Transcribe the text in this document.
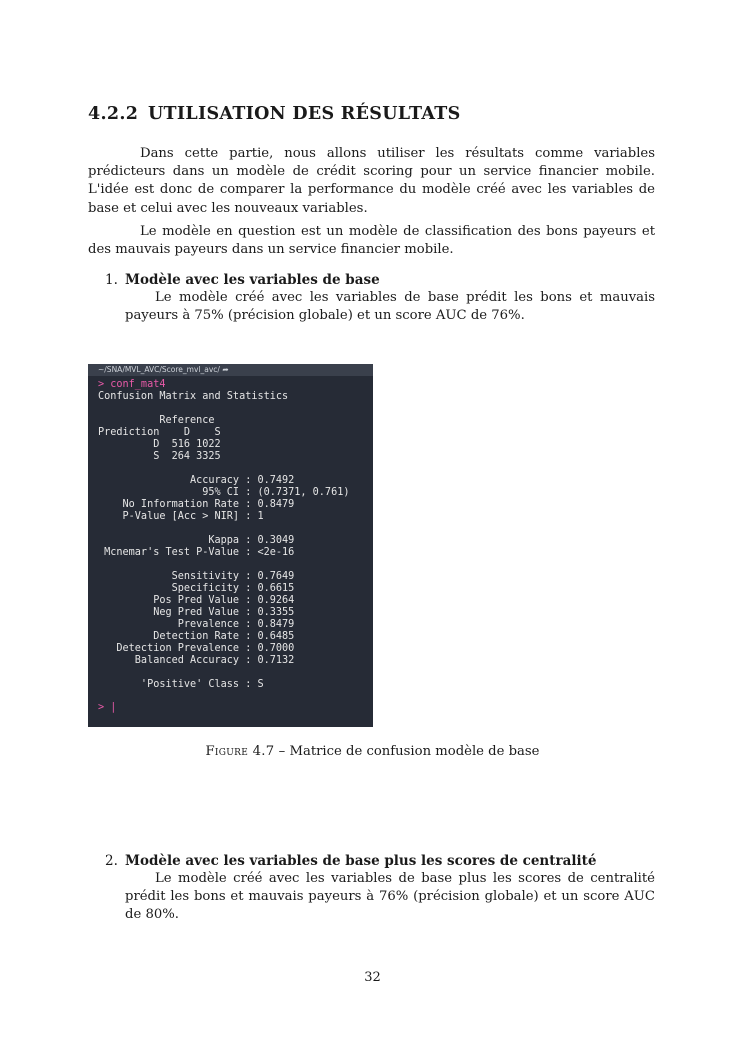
4.2.2 UTILISATION DES RÉSULTATS

Dans cette partie, nous allons utiliser les résultats comme variables prédicteurs dans un modèle de crédit scoring pour un service financier mobile. L'idée est donc de comparer la performance du modèle créé avec les variables de base et celui avec les nouveaux variables.

Le modèle en question est un modèle de classification des bons payeurs et des mauvais payeurs dans un service financier mobile.

1. Modèle avec les variables de base

Le modèle créé avec les variables de base prédit les bons et mauvais payeurs à 75% (précision globale) et un score AUC de 76%.

~/SNA/MVL_AVC/Score_mvl_avc/ ➦
> conf_mat4
Confusion Matrix and Statistics
Reference
Prediction    D    S
D  516 1022
S  264 3325
Accuracy : 0.7492
95% CI : (0.7371, 0.761)
No Information Rate : 0.8479
P-Value [Acc > NIR] : 1
Kappa : 0.3049
Mcnemar's Test P-Value : <2e-16
Sensitivity : 0.7649
Specificity : 0.6615
Pos Pred Value : 0.9264
Neg Pred Value : 0.3355
Prevalence : 0.8479
Detection Rate : 0.6485
Detection Prevalence : 0.7000
Balanced Accuracy : 0.7132
'Positive' Class : S
> |
Figure 4.7 – Matrice de confusion modèle de base
2. Modèle avec les variables de base plus les scores de centralité

Le modèle créé avec les variables de base plus les scores de centralité prédit les bons et mauvais payeurs à 76% (précision globale) et un score AUC de 80%.

32
